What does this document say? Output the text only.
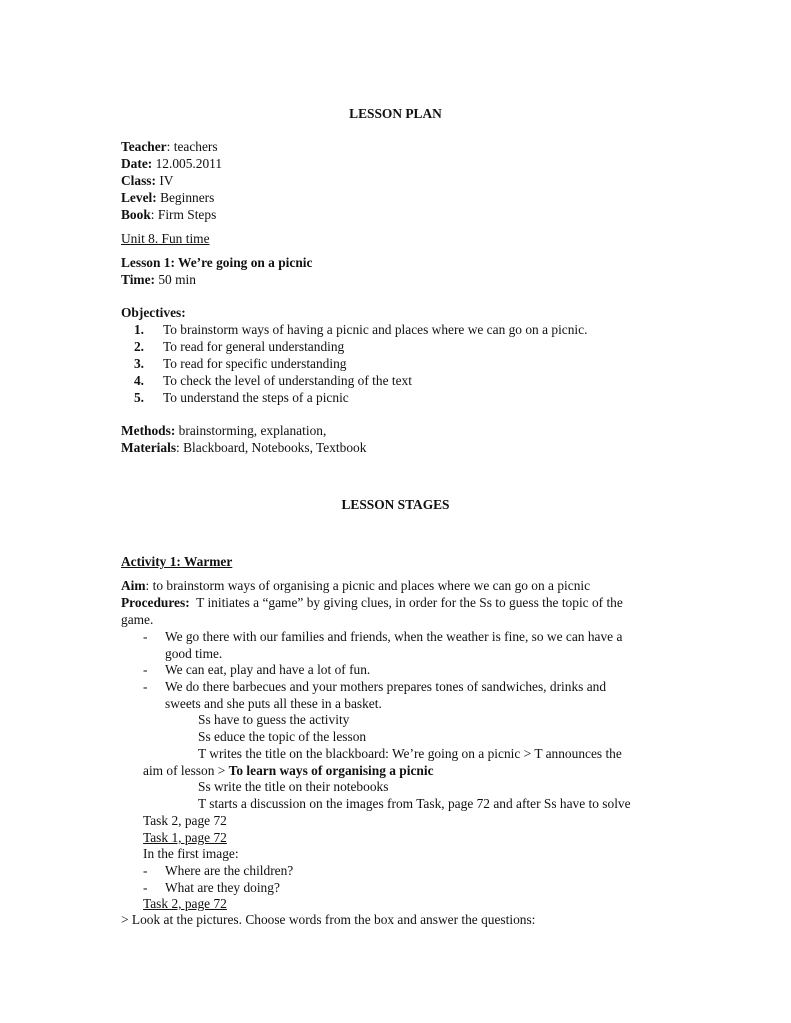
LESSON PLAN
Teacher: teachers
Date: 12.005.2011
Class: IV
Level: Beginners
Book: Firm Steps
Unit 8. Fun time
Lesson 1: We’re going on a picnic
Time: 50 min
Objectives:
1. To brainstorm ways of having a picnic and places where we can go on a picnic.
2. To read for general understanding
3. To read for specific understanding
4. To check the level of understanding of the text
5. To understand the steps of a picnic
Methods: brainstorming, explanation,
Materials: Blackboard, Notebooks, Textbook
LESSON STAGES
Activity 1: Warmer
Aim: to brainstorm ways of organising a picnic and places where we can go on a picnic
Procedures: T initiates a “game” by giving clues, in order for the Ss to guess the topic of the
game.
- We go there with our families and friends, when the weather is fine, so we can have a
good time.
- We can eat, play and have a lot of fun.
- We do there barbecues and your mothers prepares tones of sandwiches, drinks and
sweets and she puts all these in a basket.
Ss have to guess the activity
Ss educe the topic of the lesson
T writes the title on the blackboard: We’re going on a picnic > T announces the
aim of lesson > To learn ways of organising a picnic
Ss write the title on their notebooks
T starts a discussion on the images from Task, page 72 and after Ss have to solve
Task 2, page 72
Task 1, page 72
In the first image:
- Where are the children?
- What are they doing?
Task 2, page 72
> Look at the pictures. Choose words from the box and answer the questions:
